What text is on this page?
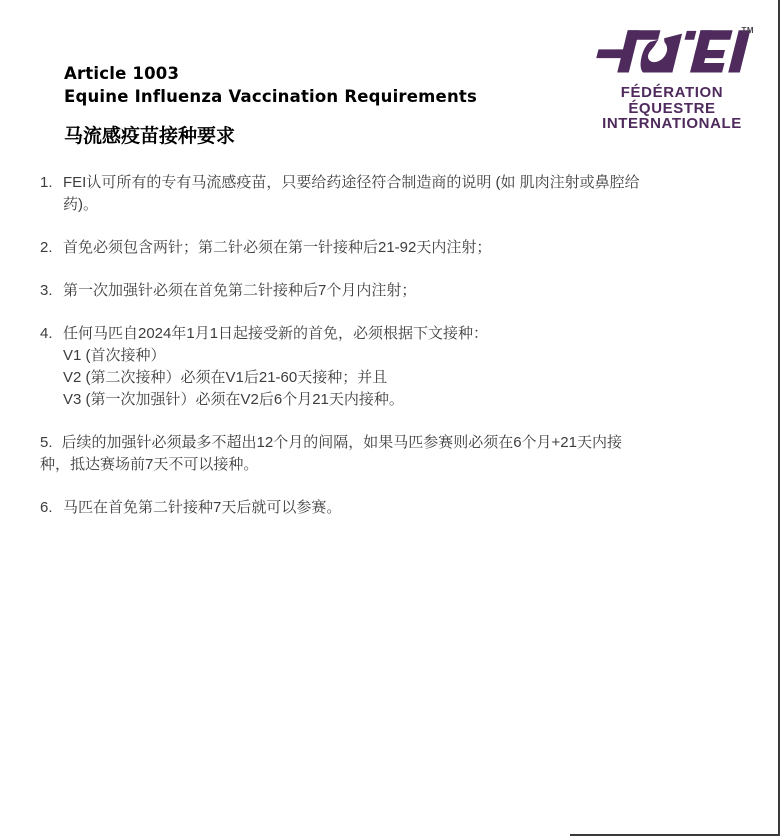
TM
FÉDÉRATION
ÉQUESTRE
INTERNATIONALE
Article 1003
Equine Influenza Vaccination Requirements
马流感疫苗接种要求
1. FEI认可所有的专有马流感疫苗，只要给药途径符合制造商的说明 (如 肌肉注射或鼻腔给
药)。
2. 首免必须包含两针；第二针必须在第一针接种后21-92天内注射；
3. 第一次加强针必须在首免第二针接种后7个月内注射；
4. 任何马匹自2024年1月1日起接受新的首免，必须根据下文接种：
V1 (首次接种）
V2 (第二次接种）必须在V1后21-60天接种；并且
V3 (第一次加强针）必须在V2后6个月21天内接种。
5. 后续的加强针必须最多不超出12个月的间隔，如果马匹参赛则必须在6个月+21天内接
种，抵达赛场前7天不可以接种。
6. 马匹在首免第二针接种7天后就可以参赛。
